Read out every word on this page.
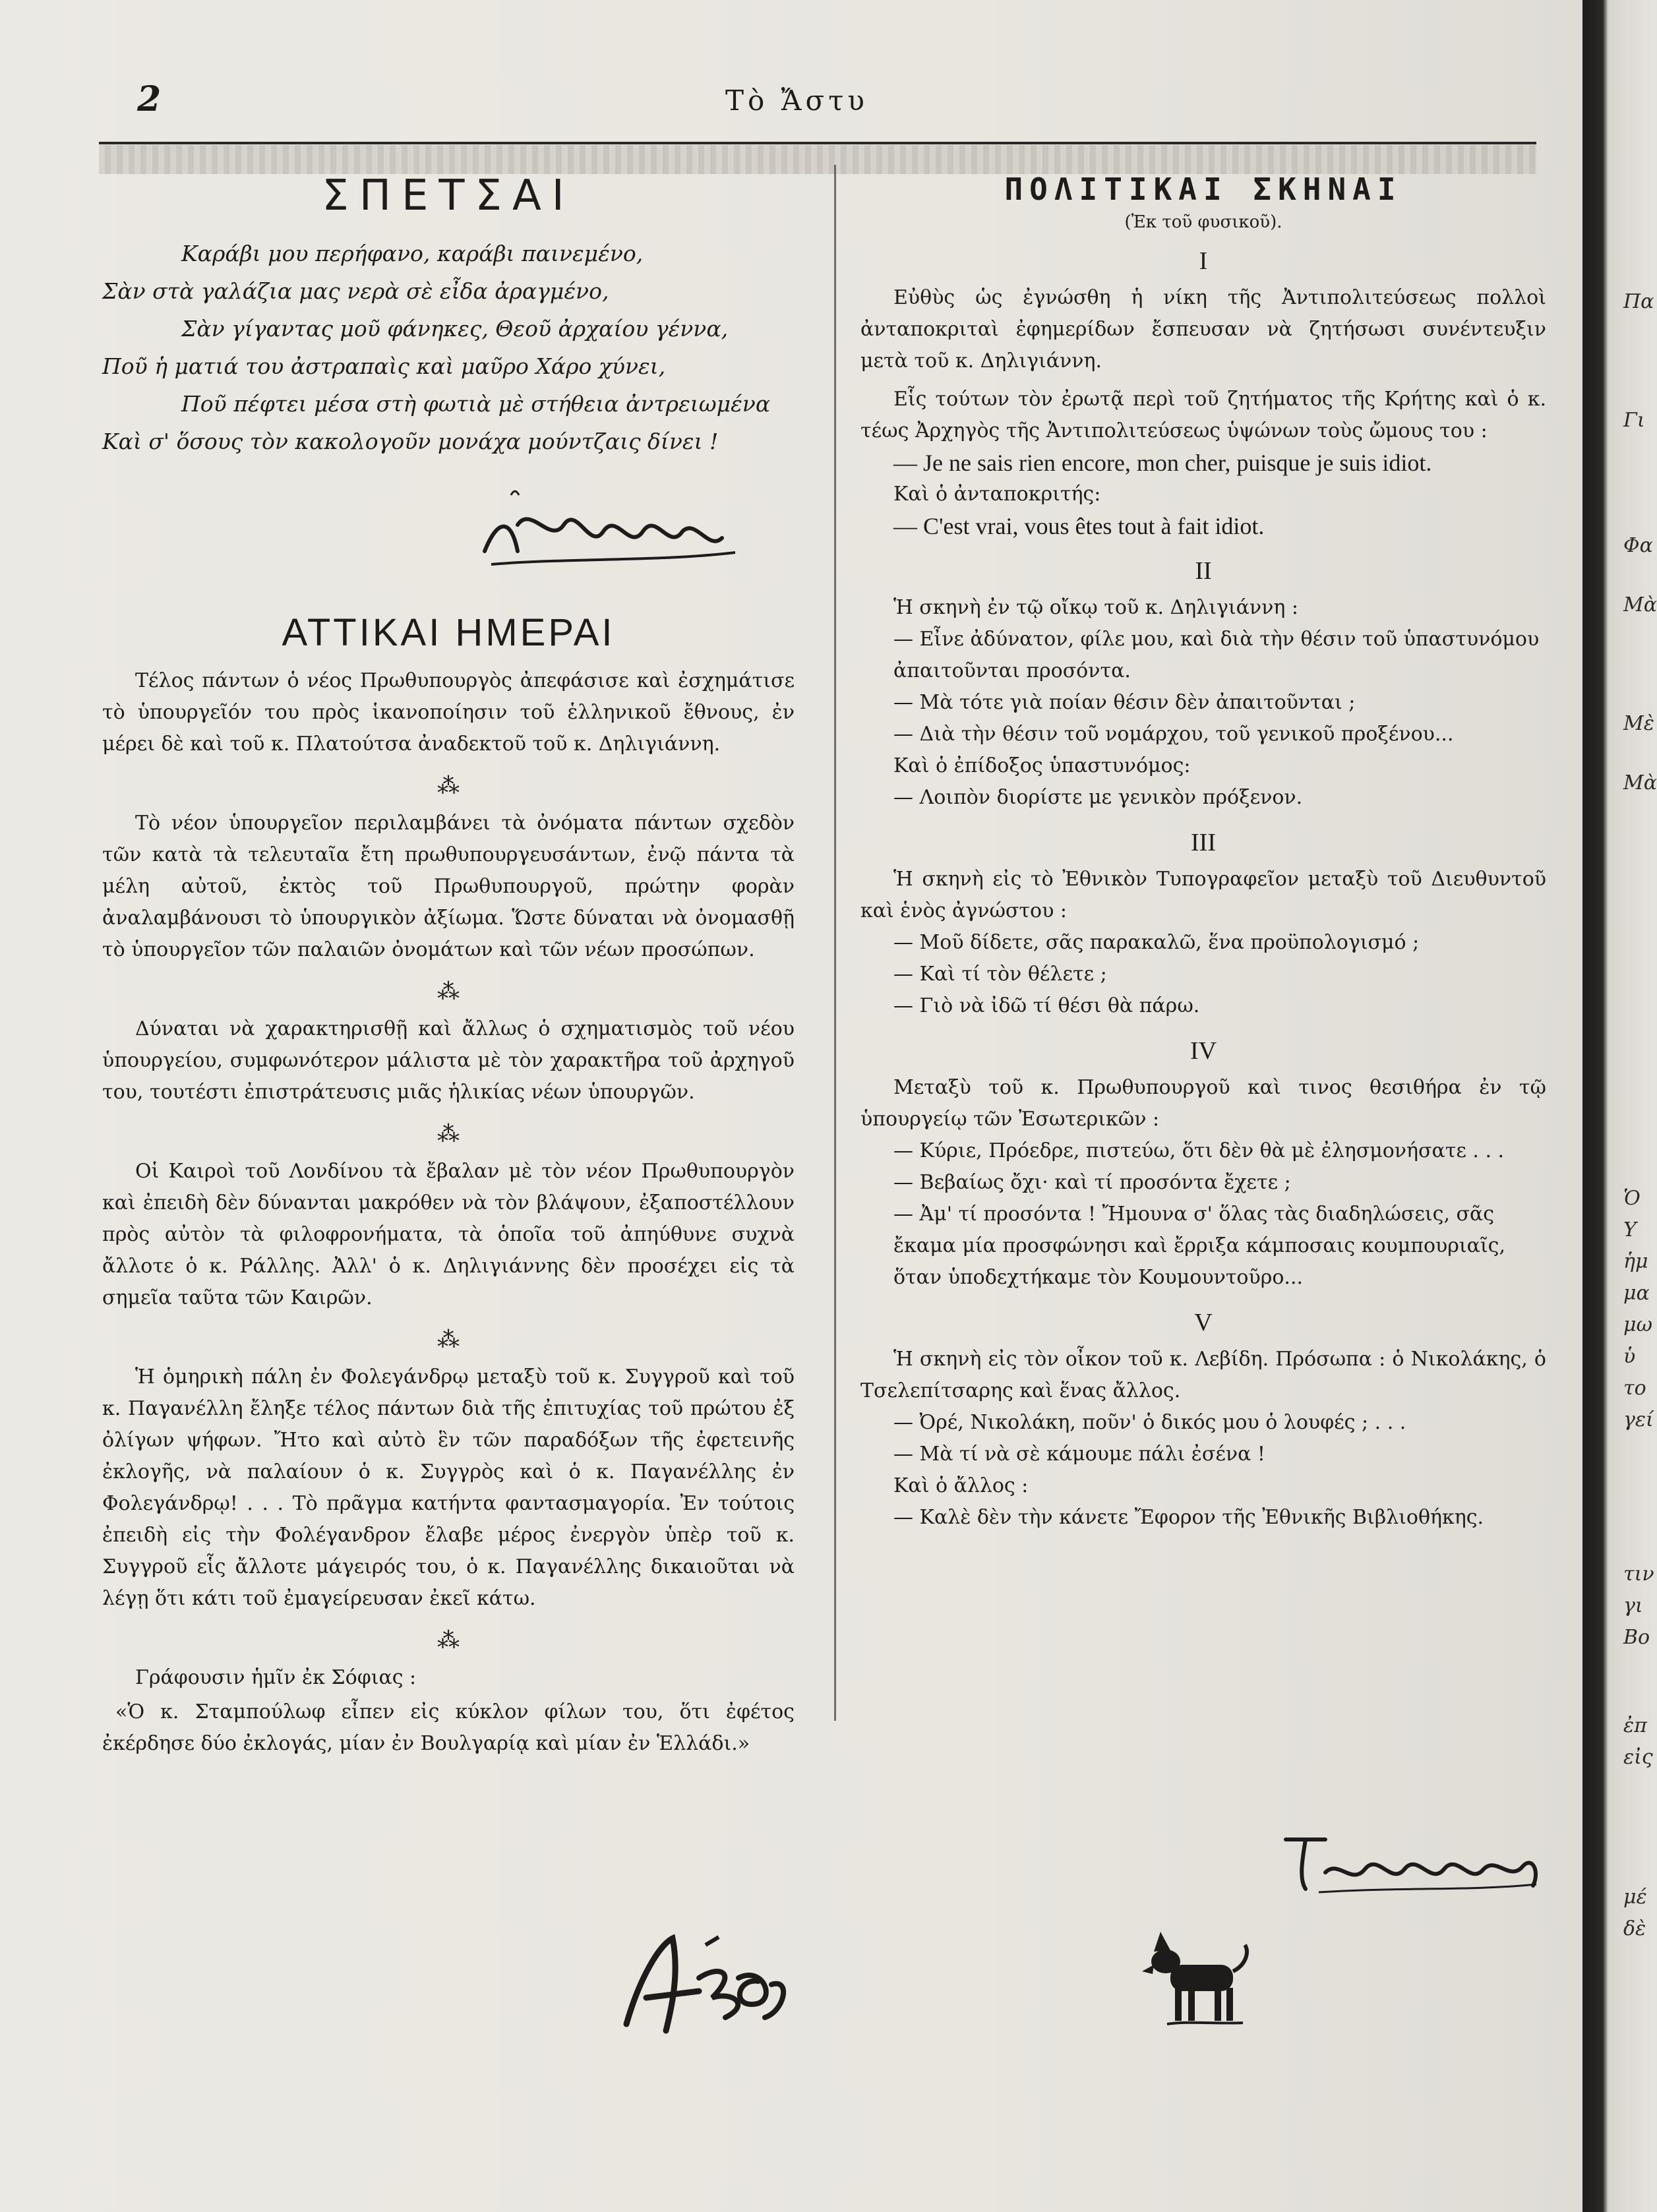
2	Τὸ Ἄστυ
ΣΠΕΤΣΑΙ
Καράβι μου περήφανο, καράβι παινεμένο,
Σὰν στὰ γαλάζια μας νερὰ σὲ εἶδα ἀραγμένο,
Σὰν γίγαντας μοῦ φάνηκες, Θεοῦ ἀρχαίου γέννα,
Ποῦ ἡ ματιά του ἀστραπαὶς καὶ μαῦρο Χάρο χύνει,
Ποῦ πέφτει μέσα στὴ φωτιὰ μὲ στήθεια ἀντρειωμένα
Καὶ σ' ὅσους τὸν κακολογοῦν μονάχα μούντζαις δίνει !
ΑΤΤΙΚΑΙ ΗΜΕΡΑΙ
Τέλος πάντων ὁ νέος Πρωθυπουργὸς ἀπεφάσισε καὶ ἐσχημάτισε τὸ ὑπουργεῖόν του πρὸς ἱκανοποίησιν τοῦ ἑλληνικοῦ ἔθνους, ἐν μέρει δὲ καὶ τοῦ κ. Πλατούτσα ἀναδεκτοῦ τοῦ κ. Δηλιγιάννη.
⁂
Τὸ νέον ὑπουργεῖον περιλαμβάνει τὰ ὀνόματα πάντων σχεδὸν τῶν κατὰ τὰ τελευταῖα ἔτη πρωθυπουργευσάντων, ἐνῷ πάντα τὰ μέλη αὐτοῦ, ἐκτὸς τοῦ Πρωθυπουργοῦ, πρώτην φορὰν ἀναλαμβάνουσι τὸ ὑπουργικὸν ἀξίωμα. Ὥστε δύναται νὰ ὀνομασθῇ τὸ ὑπουργεῖον τῶν παλαιῶν ὀνομάτων καὶ τῶν νέων προσώπων.
⁂
Δύναται νὰ χαρακτηρισθῇ καὶ ἄλλως ὁ σχηματισμὸς τοῦ νέου ὑπουργείου, συμφωνότερον μάλιστα μὲ τὸν χαρακτῆρα τοῦ ἀρχηγοῦ του, τουτέστι ἐπιστράτευσις μιᾶς ἡλικίας νέων ὑπουργῶν.
⁂
Οἱ Καιροὶ τοῦ Λονδίνου τὰ ἔβαλαν μὲ τὸν νέον Πρωθυπουργὸν καὶ ἐπειδὴ δὲν δύνανται μακρόθεν νὰ τὸν βλάψουν, ἐξαποστέλλουν πρὸς αὐτὸν τὰ φιλοφρονήματα, τὰ ὁποῖα τοῦ ἀπηύθυνε συχνὰ ἄλλοτε ὁ κ. Ράλλης. Ἀλλ' ὁ κ. Δηλιγιάννης δὲν προσέχει εἰς τὰ σημεῖα ταῦτα τῶν Καιρῶν.
⁂
Ἡ ὁμηρικὴ πάλη ἐν Φολεγάνδρῳ μεταξὺ τοῦ κ. Συγγροῦ καὶ τοῦ κ. Παγανέλλη ἔληξε τέλος πάντων διὰ τῆς ἐπιτυχίας τοῦ πρώτου ἐξ ὀλίγων ψήφων. Ἤτο καὶ αὐτὸ ἓν τῶν παραδόξων τῆς ἐφετεινῆς ἐκλογῆς, νὰ παλαίουν ὁ κ. Συγγρὸς καὶ ὁ κ. Παγανέλλης ἐν Φολεγάνδρῳ! . . . Τὸ πρᾶγμα κατήντα φαντασμαγορία. Ἐν τούτοις ἐπειδὴ εἰς τὴν Φολέγανδρον ἔλαβε μέρος ἐνεργὸν ὑπὲρ τοῦ κ. Συγγροῦ εἷς ἄλλοτε μάγειρός του, ὁ κ. Παγανέλλης δικαιοῦται νὰ λέγῃ ὅτι κάτι τοῦ ἐμαγείρευσαν ἐκεῖ κάτω.
⁂
Γράφουσιν ἡμῖν ἐκ Σόφιας :
«Ὁ κ. Σταμπούλωφ εἶπεν εἰς κύκλον φίλων του, ὅτι ἐφέτος ἐκέρδησε δύο ἐκλογάς, μίαν ἐν Βουλγαρίᾳ καὶ μίαν ἐν Ἑλλάδι.»
ΠΟΛΙΤΙΚΑΙ ΣΚΗΝΑΙ
(Ἐκ τοῦ φυσικοῦ).
I
Εὐθὺς ὡς ἐγνώσθη ἡ νίκη τῆς Ἀντιπολιτεύσεως πολλοὶ ἀνταποκριταὶ ἐφημερίδων ἔσπευσαν νὰ ζητήσωσι συνέντευξιν μετὰ τοῦ κ. Δηλιγιάννη.
Εἷς τούτων τὸν ἐρωτᾷ περὶ τοῦ ζητήματος τῆς Κρήτης καὶ ὁ κ. τέως Ἀρχηγὸς τῆς Ἀντιπολιτεύσεως ὑψώνων τοὺς ὤμους του :
— Je ne sais rien encore, mon cher, puisque je suis idiot.
Καὶ ὁ ἀνταποκριτής:
— C'est vrai, vous êtes tout à fait idiot.
II
Ἡ σκηνὴ ἐν τῷ οἴκῳ τοῦ κ. Δηλιγιάννη :
— Εἶνε ἀδύνατον, φίλε μου, καὶ διὰ τὴν θέσιν τοῦ ὑπαστυνόμου ἀπαιτοῦνται προσόντα.
— Μὰ τότε γιὰ ποίαν θέσιν δὲν ἀπαιτοῦνται ;
— Διὰ τὴν θέσιν τοῦ νομάρχου, τοῦ γενικοῦ προξένου...
Καὶ ὁ ἐπίδοξος ὑπαστυνόμος:
— Λοιπὸν διορίστε με γενικὸν πρόξενον.
III
Ἡ σκηνὴ εἰς τὸ Ἐθνικὸν Τυπογραφεῖον μεταξὺ τοῦ Διευθυντοῦ καὶ ἑνὸς ἀγνώστου :
— Μοῦ δίδετε, σᾶς παρακαλῶ, ἕνα προϋπολογισμό ;
— Καὶ τί τὸν θέλετε ;
— Γιὸ νὰ ἰδῶ τί θέσι θὰ πάρω.
IV
Μεταξὺ τοῦ κ. Πρωθυπουργοῦ καὶ τινος θεσιθήρα ἐν τῷ ὑπουργείῳ τῶν Ἐσωτερικῶν :
— Κύριε, Πρόεδρε, πιστεύω, ὅτι δὲν θὰ μὲ ἐλησμονήσατε . . .
— Βεβαίως ὄχι· καὶ τί προσόντα ἔχετε ;
— Ἀμ' τί προσόντα ! Ἤμουνα σ' ὅλας τὰς διαδηλώσεις, σᾶς ἔκαμα μία προσφώνησι καὶ ἔρριξα κάμποσαις κουμπουριαῖς, ὅταν ὑποδεχτήκαμε τὸν Κουμουντοῦρο...
V
Ἡ σκηνὴ εἰς τὸν οἶκον τοῦ κ. Λεβίδη. Πρόσωπα : ὁ Νικολάκης, ὁ Τσελεπίτσαρης καὶ ἕνας ἄλλος.
— Ὀρέ, Νικολάκη, ποῦν' ὁ δικός μου ὁ λουφές ; . . .
— Μὰ τί νὰ σὲ κάμουμε πάλι ἐσένα !
Καὶ ὁ ἄλλος :
— Καλὲ δὲν τὴν κάνετε Ἔφορον τῆς Ἐθνικῆς Βιβλιοθήκης.
Πα
Γι
Φα
Μὰ
Μὲ
Μὰ
Ὁ
Υ
ἡμ
μα
μω
ὑ
το
γεί
τιν
γι
Βο
ἐπ
εἰς
μέ
δὲ
